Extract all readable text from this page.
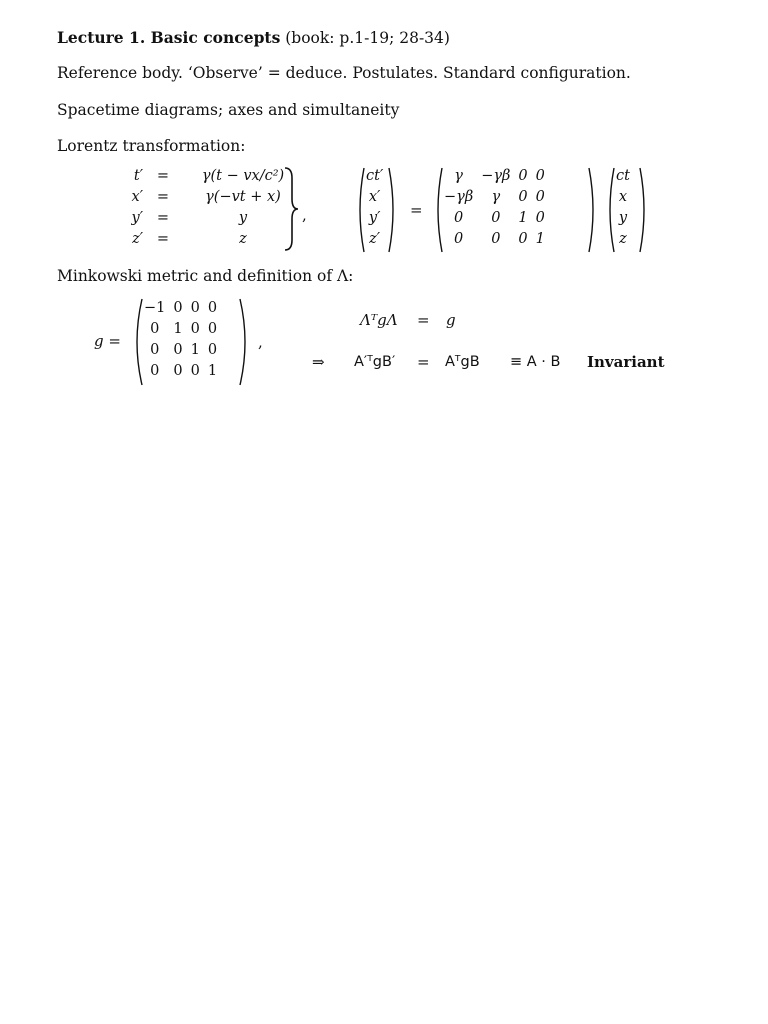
Lecture 1. Basic concepts (book: p.1-19; 28-34)
Reference body. ‘Observe’ = deduce. Postulates. Standard configuration.
Spacetime diagrams; axes and simultaneity
Lorentz transformation:
t′	=	γ(t − vx/c²)
x′	=	γ(−vt + x)
y′	=	y
z′	=	z
,
ct′
x′
y′
z′
=
γ	−γβ	0	0
−γβ	γ	0	0
0	0	1	0
0	0	0	1
ct
x
y
z
Minkowski metric and definition of Λ:
g =
−1	0	0	0
0	1	0	0
0	0	1	0
0	0	0	1
,
ΛᵀgΛ = g
⇒ A′ᵀgB′ = AᵀgB ≡ A · B Invariant
